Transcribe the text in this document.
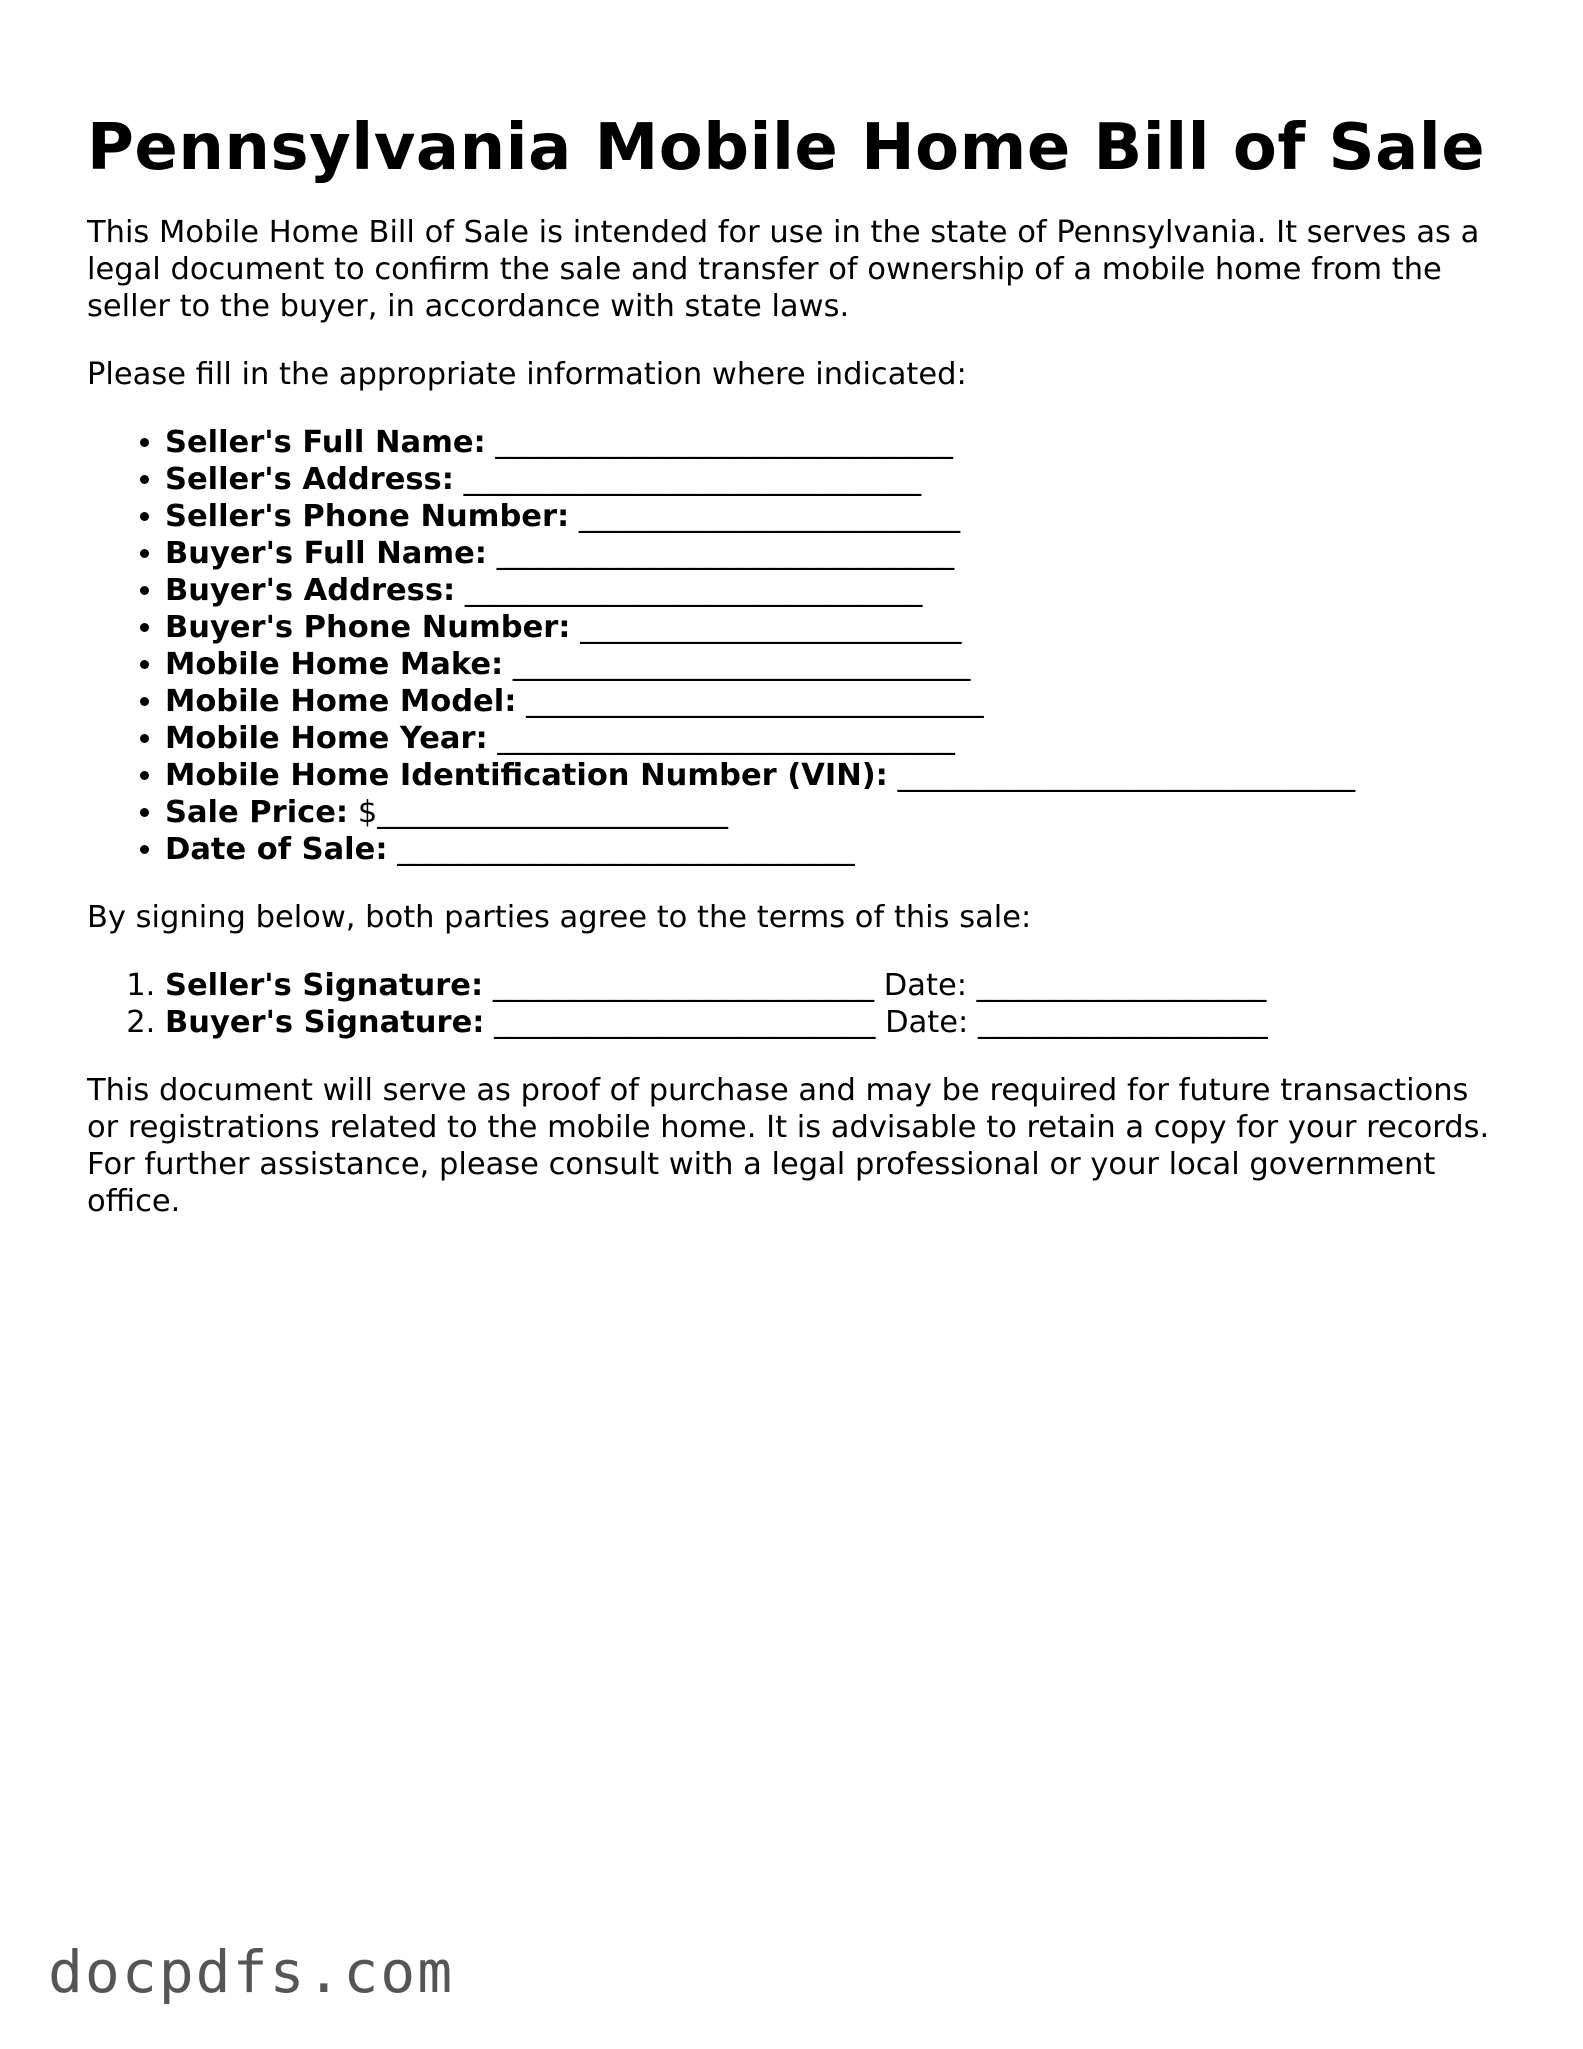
Pennsylvania Mobile Home Bill of Sale

This Mobile Home Bill of Sale is intended for use in the state of Pennsylvania. It serves as a legal document to confirm the sale and transfer of ownership of a mobile home from the seller to the buyer, in accordance with state laws.

Please fill in the appropriate information where indicated:

• Seller's Full Name: ______________________________
• Seller's Address: ______________________________
• Seller's Phone Number: _________________________
• Buyer's Full Name: ______________________________
• Buyer's Address: ______________________________
• Buyer's Phone Number: _________________________
• Mobile Home Make: ______________________________
• Mobile Home Model: ______________________________
• Mobile Home Year: ______________________________
• Mobile Home Identification Number (VIN): ______________________________
• Sale Price: $_______________________
• Date of Sale: ______________________________

By signing below, both parties agree to the terms of this sale:

1. Seller's Signature: _________________________ Date: ___________________
2. Buyer's Signature: _________________________ Date: ___________________

This document will serve as proof of purchase and may be required for future transactions or registrations related to the mobile home. It is advisable to retain a copy for your records. For further assistance, please consult with a legal professional or your local government office.

docpdfs.com
